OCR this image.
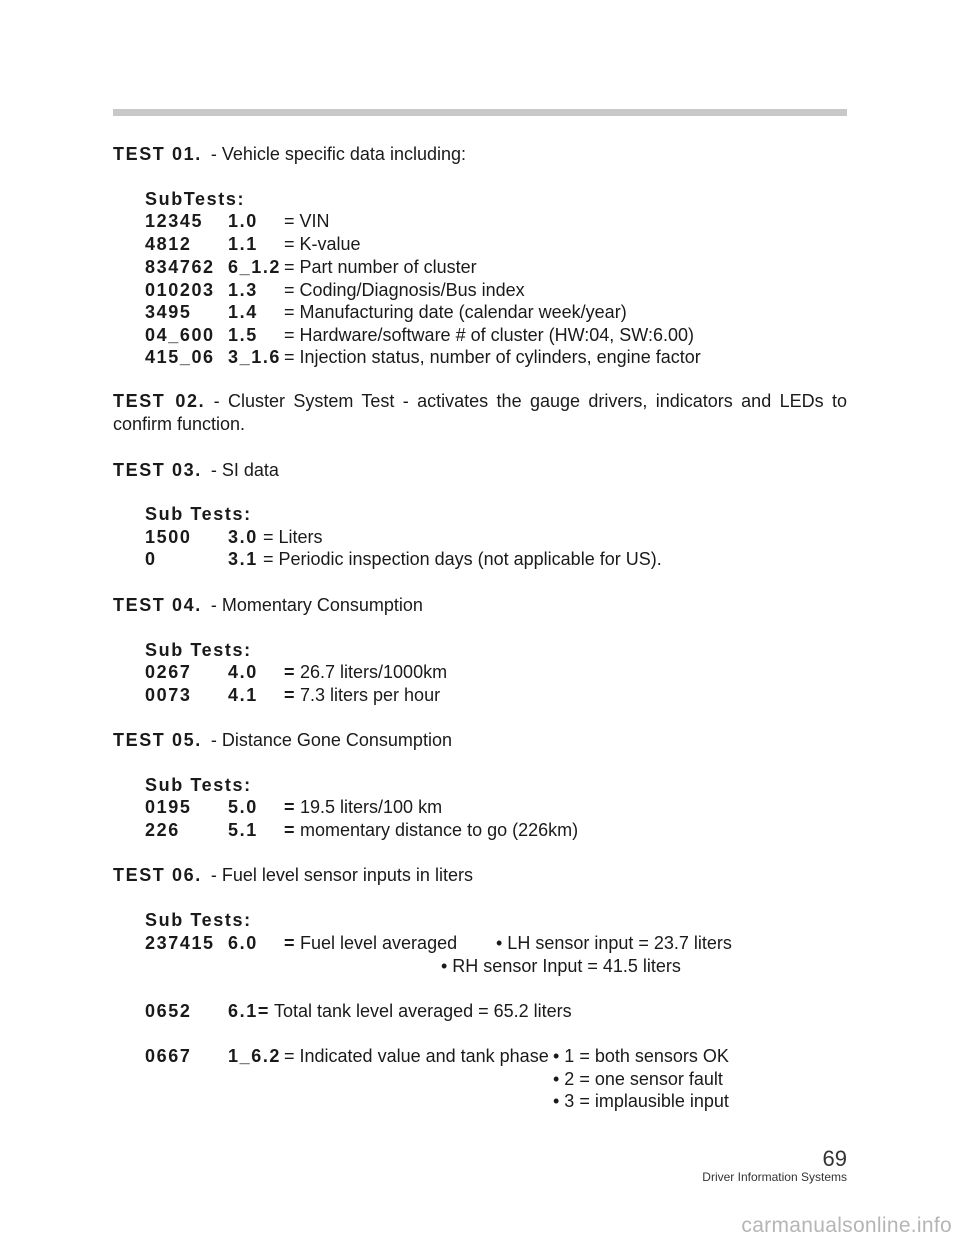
TEST 01. - Vehicle specific data including:
SubTests:
12345 1.0 = VIN
4812 1.1 = K-value
834762 6_1.2 = Part number of cluster
010203 1.3 = Coding/Diagnosis/Bus index
3495 1.4 = Manufacturing date (calendar week/year)
04_600 1.5 = Hardware/software # of cluster (HW:04, SW:6.00)
415_06 3_1.6 = Injection status, number of cylinders, engine factor
TEST 02. - Cluster System Test - activates the gauge drivers, indicators and LEDs to confirm function.
TEST 03. - SI data
Sub Tests:
1500 3.0 = Liters
0	3.1 = Periodic inspection days (not applicable for US).
TEST 04. - Momentary Consumption
Sub Tests:
0267 4.0 = 26.7 liters/1000km
0073 4.1 = 7.3 liters per hour
TEST 05. - Distance Gone Consumption
Sub Tests:
0195 5.0 = 19.5 liters/100 km
226	5.1 = momentary distance to go (226km)
TEST 06. - Fuel level sensor inputs in liters
Sub Tests:
237415 6.0 = Fuel level averaged • LH sensor input = 23.7 liters
• RH sensor Input = 41.5 liters
0652 6.1= Total tank level averaged = 65.2 liters
0667 1_6.2 = Indicated value and tank phase • 1 = both sensors OK
• 2 = one sensor fault
• 3 = implausible input
69
Driver Information Systems
carmanualsonline.info
